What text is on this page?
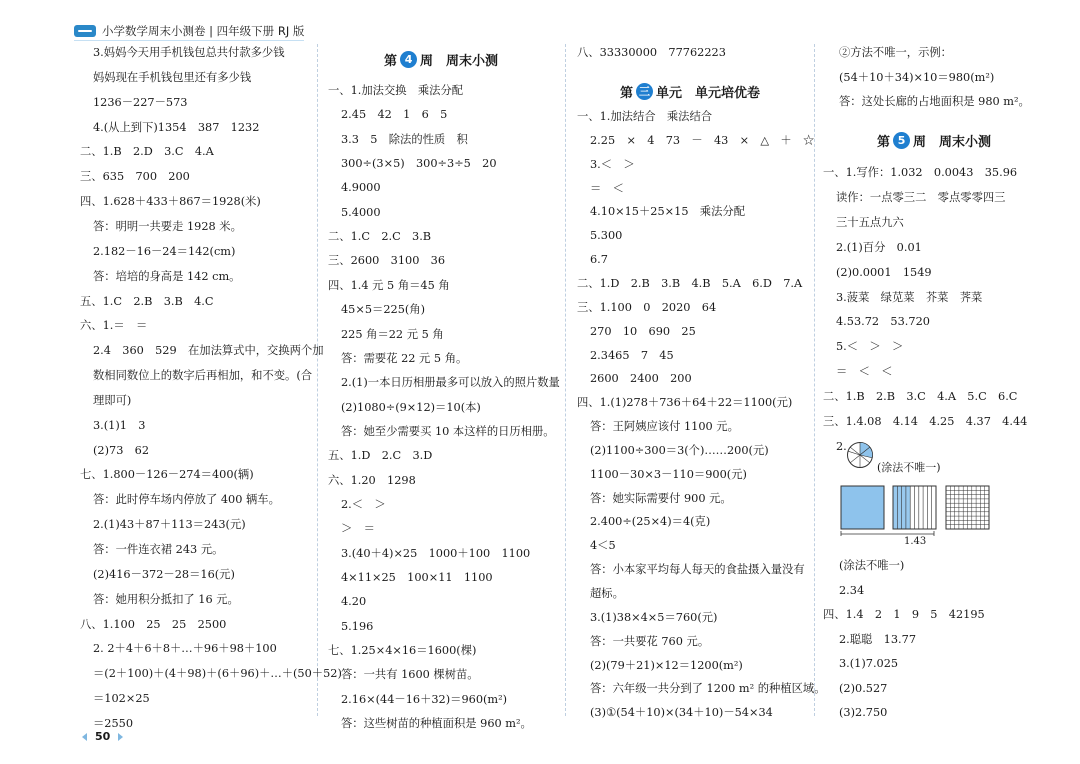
小学数学周末小测卷 | 四年级下册 RJ 版
3.妈妈今天用手机钱包总共付款多少钱
妈妈现在手机钱包里还有多少钱
1236－227－573
4.(从上到下)1354　387　1232
二、1.B　2.D　3.C　4.A
三、635　700　200
四、1.628＋433＋867＝1928(米)
答：明明一共要走 1928 米。
2.182－16－24＝142(cm)
答：培培的身高是 142 cm。
五、1.C　2.B　3.B　4.C
六、1.＝　＝
2.4　360　529　在加法算式中，交换两个加
数相同数位上的数字后再相加，和不变。(合
理即可)
3.(1)1　3
(2)73　62
七、1.800－126－274＝400(辆)
答：此时停车场内停放了 400 辆车。
2.(1)43＋87＋113＝243(元)
答：一件连衣裙 243 元。
(2)416－372－28＝16(元)
答：她用积分抵扣了 16 元。
八、1.100　25　25　2500
2. 2＋4＋6＋8＋…＋96＋98＋100
＝(2＋100)＋(4＋98)＋(6＋96)＋…＋(50＋52)
＝102×25
＝2550
第 4 周　周末小测
一、1.加法交换　乘法分配
2.45　42　1　6　5
3.3　5　除法的性质　积
300÷(3×5)　300÷3÷5　20
4.9000
5.4000
二、1.C　2.C　3.B
三、2600　3100　36
四、1.4 元 5 角＝45 角
45×5＝225(角)
225 角＝22 元 5 角
答：需要花 22 元 5 角。
2.(1)一本日历相册最多可以放入的照片数量
(2)1080÷(9×12)＝10(本)
答：她至少需要买 10 本这样的日历相册。
五、1.D　2.C　3.D
六、1.20　1298
2.＜　＞
＞　＝
3.(40＋4)×25　1000＋100　1100
4×11×25　100×11　1100
4.20
5.196
七、1.25×4×16＝1600(棵)
答：一共有 1600 棵树苗。
2.16×(44－16＋32)＝960(m²)
答：这些树苗的种植面积是 960 m²。
八、33330000　77762223
第 三 单元　单元培优卷
一、1.加法结合　乘法结合
2.25　×　4　73　－　43　×　△　＋　☆
3.＜　＞
＝　＜
4.10×15＋25×15　乘法分配
5.300
6.7
二、1.D　2.B　3.B　4.B　5.A　6.D　7.A
三、1.100　0　2020　64
270　10　690　25
2.3465　7　45
2600　2400　200
四、1.(1)278＋736＋64＋22＝1100(元)
答：王阿姨应该付 1100 元。
(2)1100÷300＝3(个)……200(元)
1100－30×3－110＝900(元)
答：她实际需要付 900 元。
2.400÷(25×4)＝4(克)
4＜5
答：小本家平均每人每天的食盐摄入量没有
超标。
3.(1)38×4×5＝760(元)
答：一共要花 760 元。
(2)(79＋21)×12＝1200(m²)
答：六年级一共分到了 1200 m² 的种植区域。
(3)①(54＋10)×(34＋10)－54×34
②方法不唯一，示例：
(54＋10＋34)×10＝980(m²)
答：这处长廊的占地面积是 980 m²。
第 5 周　周末小测
一、1.写作：1.032　0.0043　35.96
读作：一点零三二　零点零零四三
三十五点九六
2.(1)百分　0.01
(2)0.0001　1549
3.菠菜　绿苋菜　芥菜　荠菜
4.53.72　53.720
5.＜　＞　＞
＝　＜　＜
二、1.B　2.B　3.C　4.A　5.C　6.C
三、1.4.08　4.14　4.25　4.37　4.44
2.
(涂法不唯一)
1.43
(涂法不唯一)
2.34
四、1.4　2　1　9　5　42195
2.聪聪　13.77
3.(1)7.025
(2)0.527
(3)2.750
50
